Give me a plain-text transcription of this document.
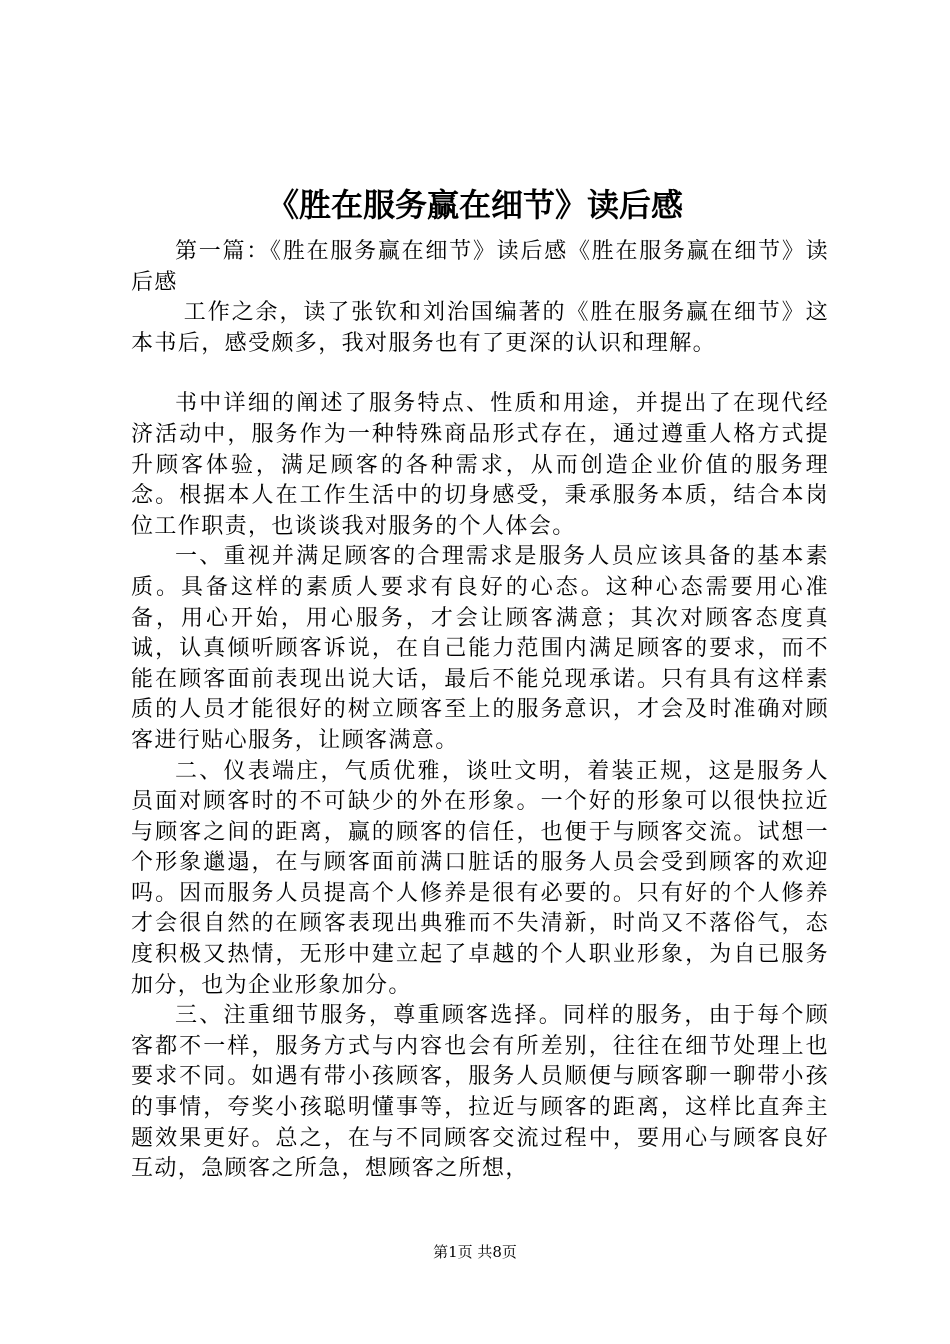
《胜在服务赢在细节》读后感

第一篇：《胜在服务赢在细节》读后感《胜在服务赢在细节》读后感

工作之余，读了张钦和刘治国编著的《胜在服务赢在细节》这本书后，感受颇多，我对服务也有了更深的认识和理解。

书中详细的阐述了服务特点、性质和用途，并提出了在现代经济活动中，服务作为一种特殊商品形式存在，通过遵重人格方式提升顾客体验，满足顾客的各种需求，从而创造企业价值的服务理念。根据本人在工作生活中的切身感受，秉承服务本质，结合本岗位工作职责，也谈谈我对服务的个人体会。

一、重视并满足顾客的合理需求是服务人员应该具备的基本素质。具备这样的素质人要求有良好的心态。这种心态需要用心准备，用心开始，用心服务，才会让顾客满意；其次对顾客态度真诚，认真倾听顾客诉说，在自己能力范围内满足顾客的要求，而不能在顾客面前表现出说大话，最后不能兑现承诺。只有具有这样素质的人员才能很好的树立顾客至上的服务意识，才会及时准确对顾客进行贴心服务，让顾客满意。

二、仪表端庄，气质优雅，谈吐文明，着装正规，这是服务人员面对顾客时的不可缺少的外在形象。一个好的形象可以很快拉近与顾客之间的距离，赢的顾客的信任，也便于与顾客交流。试想一个形象邋遢，在与顾客面前满口脏话的服务人员会受到顾客的欢迎吗。因而服务人员提高个人修养是很有必要的。只有好的个人修养才会很自然的在顾客表现出典雅而不失清新，时尚又不落俗气，态度积极又热情，无形中建立起了卓越的个人职业形象，为自已服务加分，也为企业形象加分。

三、注重细节服务，尊重顾客选择。同样的服务，由于每个顾客都不一样，服务方式与内容也会有所差别，往往在细节处理上也要求不同。如遇有带小孩顾客，服务人员顺便与顾客聊一聊带小孩的事情，夸奖小孩聪明懂事等，拉近与顾客的距离，这样比直奔主题效果更好。总之，在与不同顾客交流过程中，要用心与顾客良好互动，急顾客之所急，想顾客之所想，

第1页 共8页
